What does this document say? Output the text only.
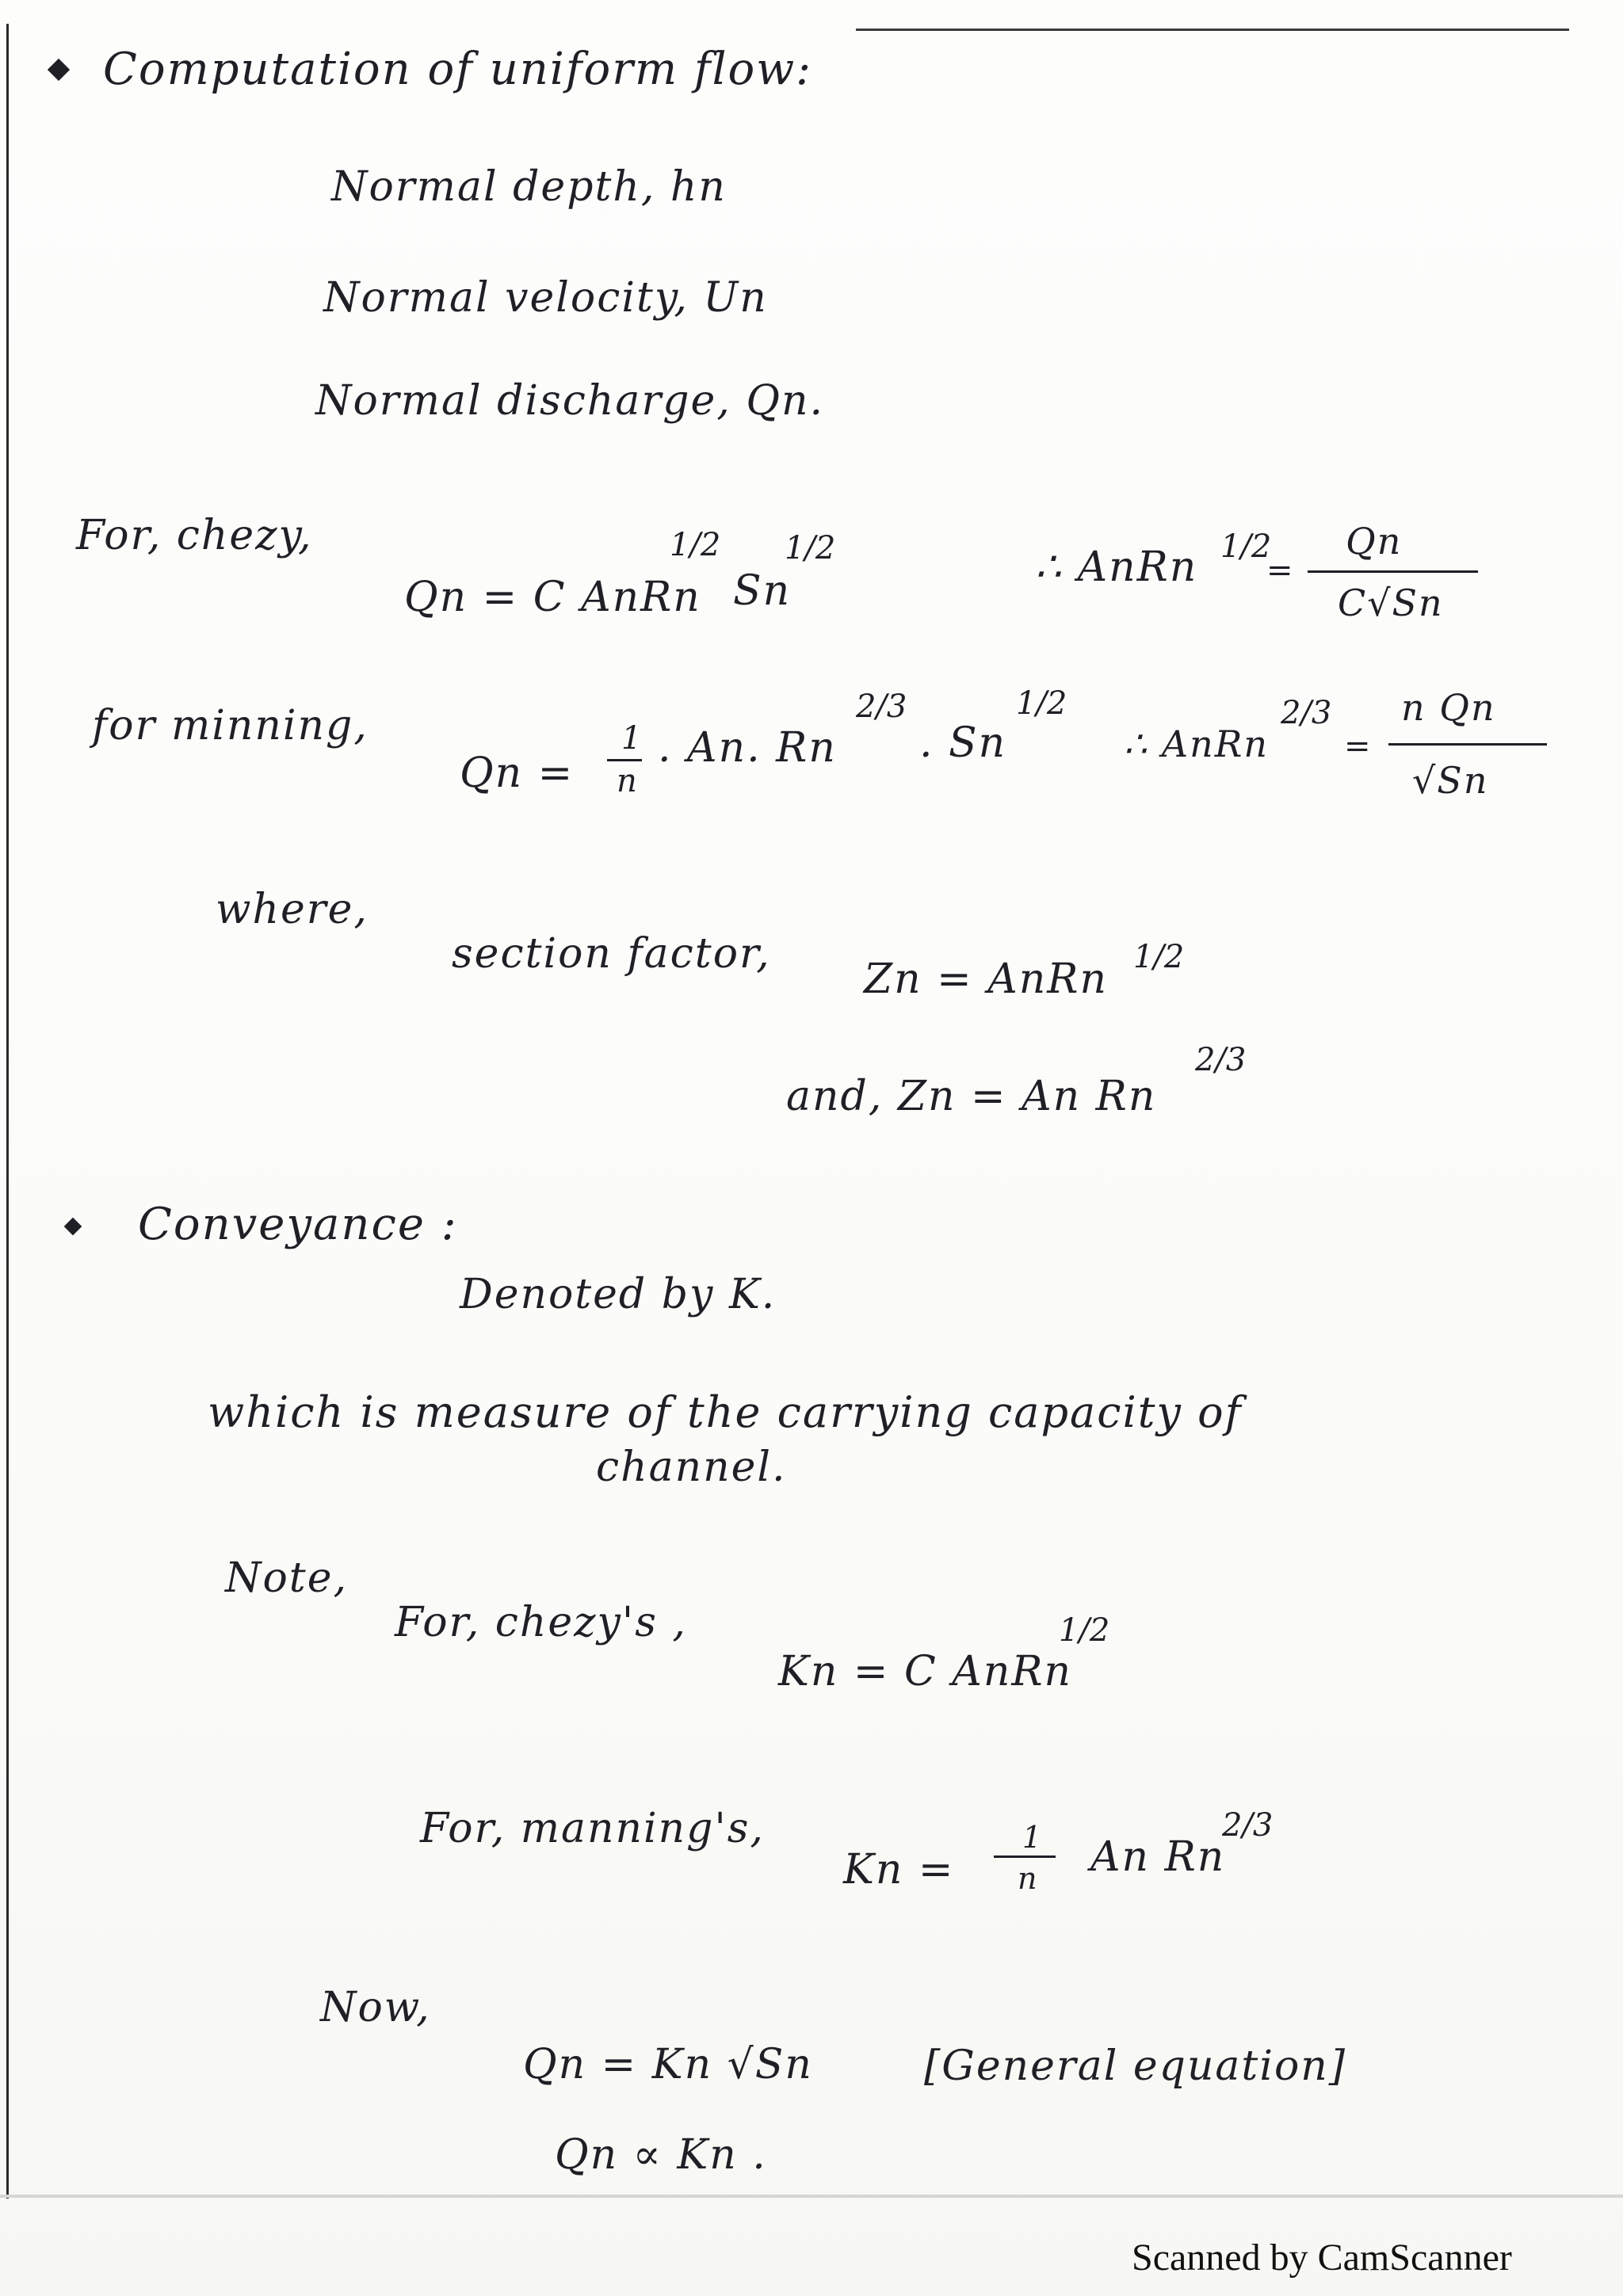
Computation of uniform flow:
Normal depth, hn
Normal velocity, Un
Normal discharge, Qn.
For, chezy,
Qn = C AnRn
1/2
Sn
1/2	∴ AnRn 1/2
=
Qn
C√Sn
for minning,
Qn =
1
n
. An. Rn
2/3
. Sn
1/2
∴ AnRn
2/3
=
n Qn
√Sn
where,
section factor,
Zn = AnRn 1/2
and, Zn = An Rn
2/3
Conveyance :
Denoted by K.
which is measure of the carrying capacity of
channel.
Note,
For, chezy's ,
Kn = C AnRn
1/2
For, manning's,
Kn =
1
n An Rn
2/3
Now,
Qn = Kn √Sn	[General equation]
Qn ∝ Kn .
Scanned by CamScanner
